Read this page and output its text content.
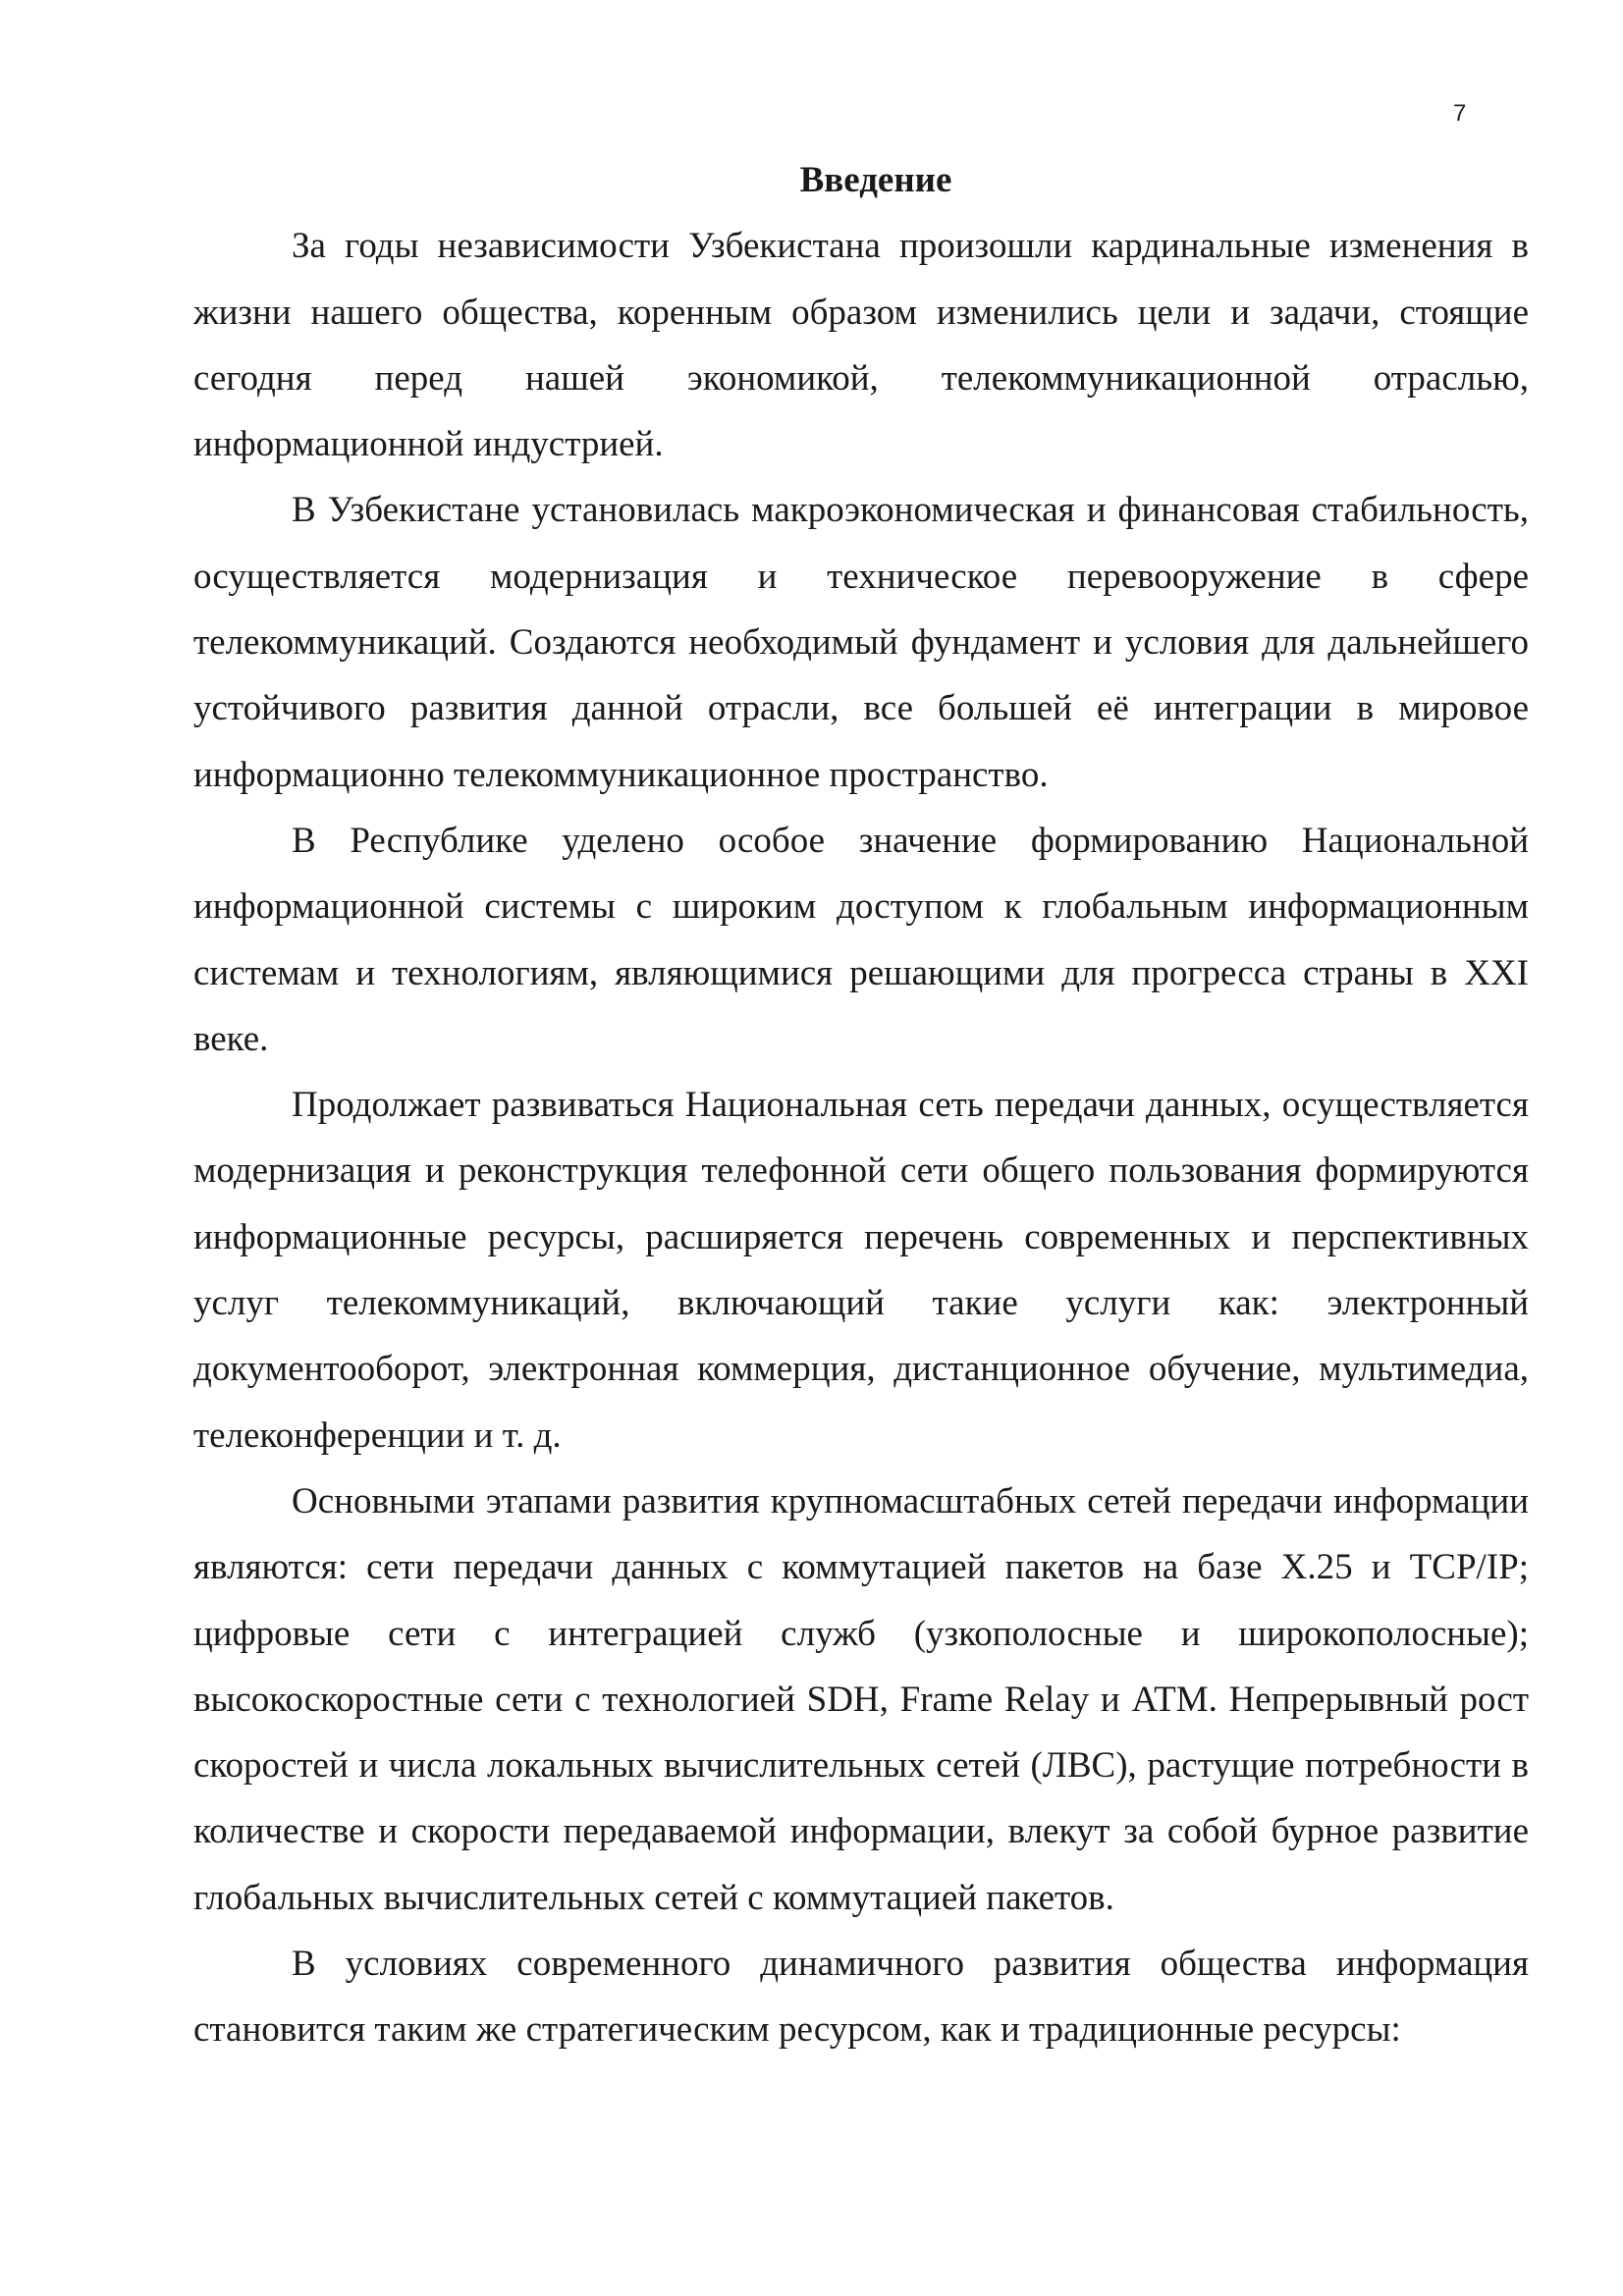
7

Введение

За годы независимости Узбекистана произошли кардинальные изменения в жизни нашего общества, коренным образом изменились цели и задачи, стоящие сегодня перед нашей экономикой, телекоммуникационной отраслью, информационной индустрией.

В Узбекистане установилась макроэкономическая и финансовая стабильность, осуществляется модернизация и техническое перевооружение в сфере телекоммуникаций. Создаются необходимый фундамент и условия для дальнейшего устойчивого развития данной отрасли, все большей её интеграции в мировое информационно телекоммуникационное пространство.

В Республике уделено особое значение формированию Национальной информационной системы с широким доступом к глобальным информационным системам и технологиям, являющимися решающими для прогресса страны в XXI веке.

Продолжает развиваться Национальная сеть передачи данных, осуществляется модернизация и реконструкция телефонной сети общего пользования формируются информационные ресурсы, расширяется перечень современных и перспективных услуг телекоммуникаций, включающий такие услуги как: электронный документооборот, электронная коммерция, дистанционное обучение, мультимедиа, телеконференции и т. д.

Основными этапами развития крупномасштабных сетей передачи информации являются: сети передачи данных с коммутацией пакетов на базе X.25 и TCP/IP; цифровые сети с интеграцией служб (узкополосные и широкополосные); высокоскоростные сети с технологией SDH, Frame Relay и ATM. Непрерывный рост скоростей и числа локальных вычислительных сетей (ЛВС), растущие потребности в количестве и скорости передаваемой информации, влекут за собой бурное развитие глобальных вычислительных сетей с коммутацией пакетов.

В условиях современного динамичного развития общества информация становится таким же стратегическим ресурсом, как и традиционные ресурсы:
